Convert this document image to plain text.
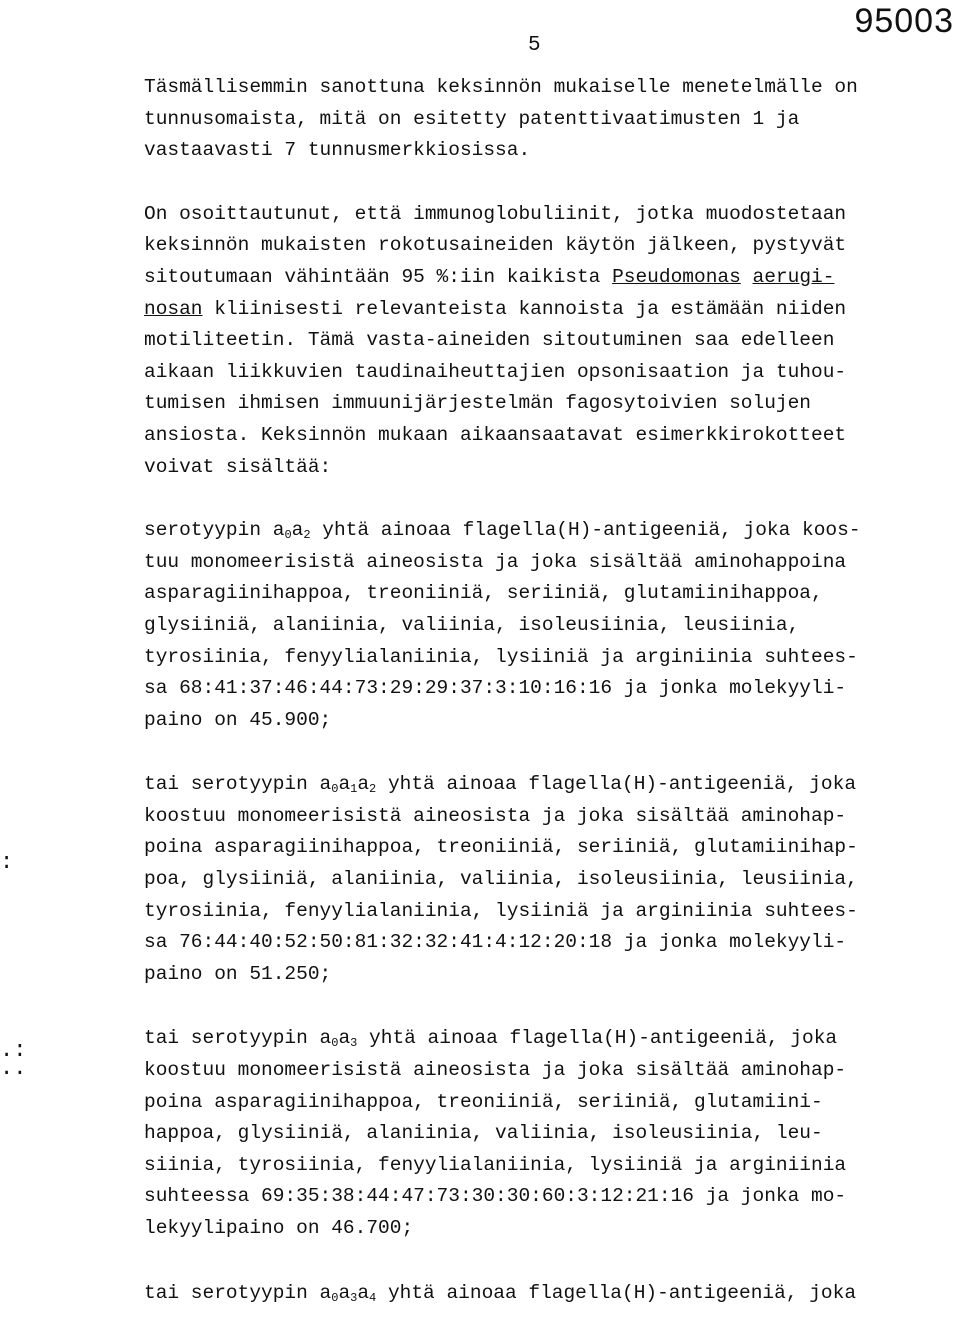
5
95003
:
.:
..
Täsmällisemmin sanottuna keksinnön mukaiselle menetelmälle on
tunnusomaista, mitä on esitetty patenttivaatimusten 1 ja
vastaavasti 7 tunnusmerkkiosissa.
On osoittautunut, että immunoglobuliinit, jotka muodostetaan
keksinnön mukaisten rokotusaineiden käytön jälkeen, pystyvät
sitoutumaan vähintään 95 %:iin kaikista Pseudomonas aerugi-
nosan kliinisesti relevanteista kannoista ja estämään niiden
motiliteetin. Tämä vasta-aineiden sitoutuminen saa edelleen
aikaan liikkuvien taudinaiheuttajien opsonisaation ja tuhou-
tumisen ihmisen immuunijärjestelmän fagosytoivien solujen
ansiosta. Keksinnön mukaan aikaansaatavat esimerkkirokotteet
voivat sisältää:
serotyypin $a_0a_2$ yhtä ainoaa flagella(H)-antigeeniä, joka koos-
tuu monomeerisistä aineosista ja joka sisältää aminohappoina
asparagiinihappoa, treoniiniä, seriiniä, glutamiinihappoa,
glysiiniä, alaniinia, valiinia, isoleusiinia, leusiinia,
tyrosiinia, fenyylialaniinia, lysiiniä ja arginiinia suhtees-
sa 68:41:37:46:44:73:29:29:37:3:10:16:16 ja jonka molekyyli-
paino on 45.900;
tai serotyypin $a_0a_1a_2$ yhtä ainoaa flagella(H)-antigeeniä, joka
koostuu monomeerisistä aineosista ja joka sisältää aminohap-
poina asparagiinihappoa, treoniiniä, seriiniä, glutamiinihap-
poa, glysiiniä, alaniinia, valiinia, isoleusiinia, leusiinia,
tyrosiinia, fenyylialaniinia, lysiiniä ja arginiinia suhtees-
sa 76:44:40:52:50:81:32:32:41:4:12:20:18 ja jonka molekyyli-
paino on 51.250;
tai serotyypin $a_0a_3$ yhtä ainoaa flagella(H)-antigeeniä, joka
koostuu monomeerisistä aineosista ja joka sisältää aminohap-
poina asparagiinihappoa, treoniiniä, seriiniä, glutamiini-
happoa, glysiiniä, alaniinia, valiinia, isoleusiinia, leu-
siinia, tyrosiinia, fenyylialaniinia, lysiiniä ja arginiinia
suhteessa 69:35:38:44:47:73:30:30:60:3:12:21:16 ja jonka mo-
lekyylipaino on 46.700;
tai serotyypin $a_0a_3a_4$ yhtä ainoaa flagella(H)-antigeeniä, joka
